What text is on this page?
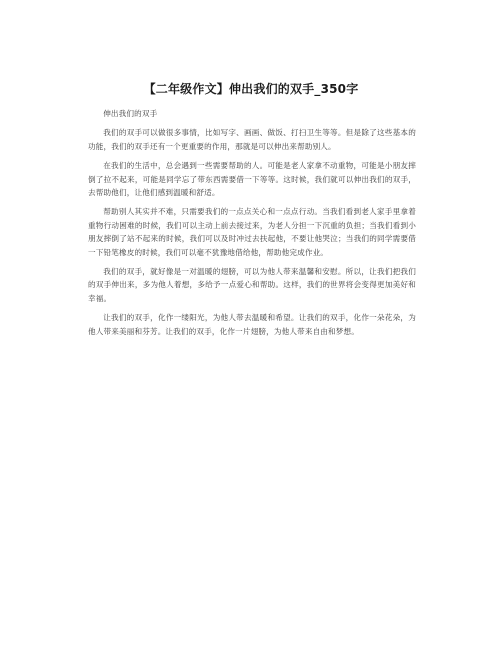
【二年级作文】伸出我们的双手_350字

伸出我们的双手

我们的双手可以做很多事情，比如写字、画画、做饭、打扫卫生等等。但是除了这些基本的功能，我们的双手还有一个更重要的作用，那就是可以伸出来帮助别人。

在我们的生活中，总会遇到一些需要帮助的人。可能是老人家拿不动重物，可能是小朋友摔倒了拉不起来，可能是同学忘了带东西需要借一下等等。这时候，我们就可以伸出我们的双手，去帮助他们，让他们感到温暖和舒适。

帮助别人其实并不难，只需要我们的一点点关心和一点点行动。当我们看到老人家手里拿着重物行动困难的时候，我们可以主动上前去接过来，为老人分担一下沉重的负担；当我们看到小朋友摔倒了站不起来的时候，我们可以及时冲过去扶起他，不要让他哭泣；当我们的同学需要借一下铅笔橡皮的时候，我们可以毫不犹豫地借给他，帮助他完成作业。

我们的双手，就好像是一对温暖的翅膀，可以为他人带来温馨和安慰。所以，让我们把我们的双手伸出来，多为他人着想，多给予一点爱心和帮助。这样，我们的世界将会变得更加美好和幸福。

让我们的双手，化作一缕阳光，为他人带去温暖和希望。让我们的双手，化作一朵花朵，为他人带来美丽和芬芳。让我们的双手，化作一片翅膀，为他人带来自由和梦想。
